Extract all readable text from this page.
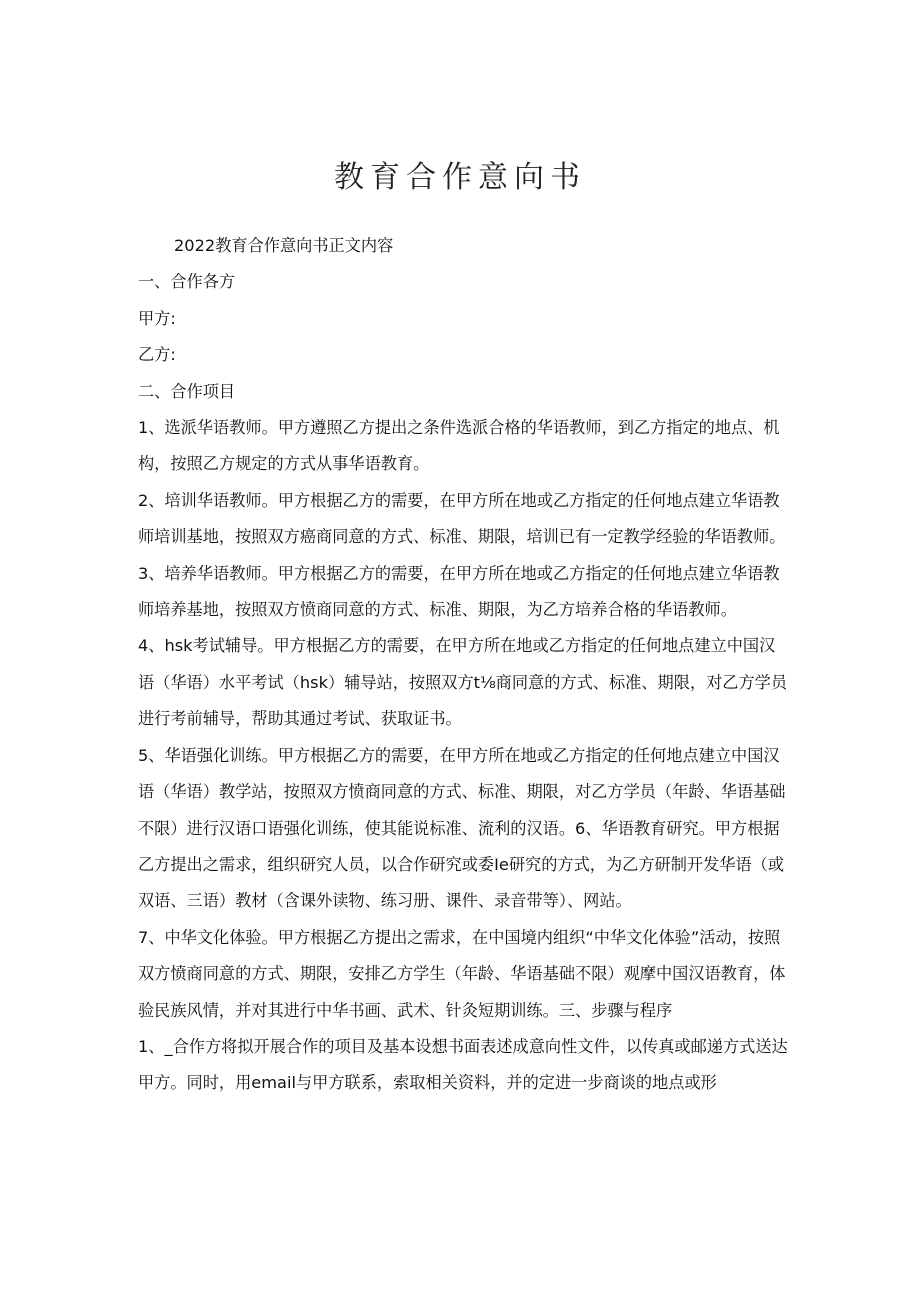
教育合作意向书

2022教育合作意向书正文内容

一、合作各方

甲方:

乙方:

二、合作项目

1、选派华语教师。甲方遵照乙方提出之条件选派合格的华语教师，到乙方指定的地点、机构，按照乙方规定的方式从事华语教育。

2、培训华语教师。甲方根据乙方的需要，在甲方所在地或乙方指定的任何地点建立华语教师培训基地，按照双方癌商同意的方式、标准、期限，培训已有一定教学经验的华语教师。

3、培养华语教师。甲方根据乙方的需要，在甲方所在地或乙方指定的任何地点建立华语教师培养基地，按照双方愤商同意的方式、标准、期限，为乙方培养合格的华语教师。

4、hsk考试辅导。甲方根据乙方的需要，在甲方所在地或乙方指定的任何地点建立中国汉语（华语）水平考试（hsk）辅导站，按照双方t⅛商同意的方式、标准、期限，对乙方学员进行考前辅导，帮助其通过考试、获取证书。

5、华语强化训练。甲方根据乙方的需要，在甲方所在地或乙方指定的任何地点建立中国汉语（华语）教学站，按照双方愤商同意的方式、标准、期限，对乙方学员（年龄、华语基础不限）进行汉语口语强化训练，使其能说标准、流利的汉语。6、华语教育研究。甲方根据乙方提出之需求，组织研究人员，以合作研究或委Ie研究的方式，为乙方研制开发华语（或双语、三语）教材（含课外读物、练习册、课件、录音带等）、网站。

7、中华文化体验。甲方根据乙方提出之需求，在中国境内组织“中华文化体验”活动，按照双方愤商同意的方式、期限，安排乙方学生（年龄、华语基础不限）观摩中国汉语教育，体验民族风情，并对其进行中华书画、武术、针灸短期训练。三、步骤与程序

1、_合作方将拟开展合作的项目及基本设想书面表述成意向性文件，以传真或邮递方式送达甲方。同时，用email与甲方联系，索取相关资料，并的定进一步商谈的地点或形
